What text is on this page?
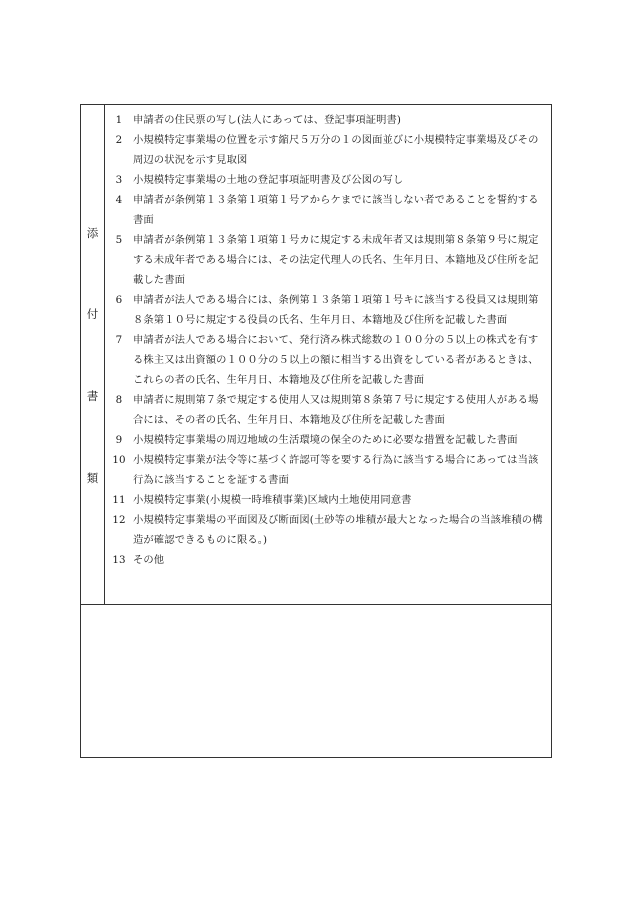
添
付
書
類
1	申請者の住民票の写し(法人にあっては、登記事項証明書)
2	小規模特定事業場の位置を示す縮尺５万分の１の図面並びに小規模特定事業場及びその周辺の状況を示す見取図
3	小規模特定事業場の土地の登記事項証明書及び公図の写し
4	申請者が条例第１３条第１項第１号アからケまでに該当しない者であることを誓約する書面
5	申請者が条例第１３条第１項第１号カに規定する未成年者又は規則第８条第９号に規定する未成年者である場合には、その法定代理人の氏名、生年月日、本籍地及び住所を記載した書面
6	申請者が法人である場合には、条例第１３条第１項第１号キに該当する役員又は規則第８条第１０号に規定する役員の氏名、生年月日、本籍地及び住所を記載した書面
7	申請者が法人である場合において、発行済み株式総数の１００分の５以上の株式を有する株主又は出資額の１００分の５以上の額に相当する出資をしている者があるときは、これらの者の氏名、生年月日、本籍地及び住所を記載した書面
8	申請者に規則第７条で規定する使用人又は規則第８条第７号に規定する使用人がある場合には、その者の氏名、生年月日、本籍地及び住所を記載した書面
9	小規模特定事業場の周辺地域の生活環境の保全のために必要な措置を記載した書面
10 小規模特定事業が法令等に基づく許認可等を要する行為に該当する場合にあっては当該行為に該当することを証する書面
11 小規模特定事業(小規模一時堆積事業)区域内土地使用同意書
12 小規模特定事業場の平面図及び断面図(土砂等の堆積が最大となった場合の当該堆積の構造が確認できるものに限る。)
13 その他
